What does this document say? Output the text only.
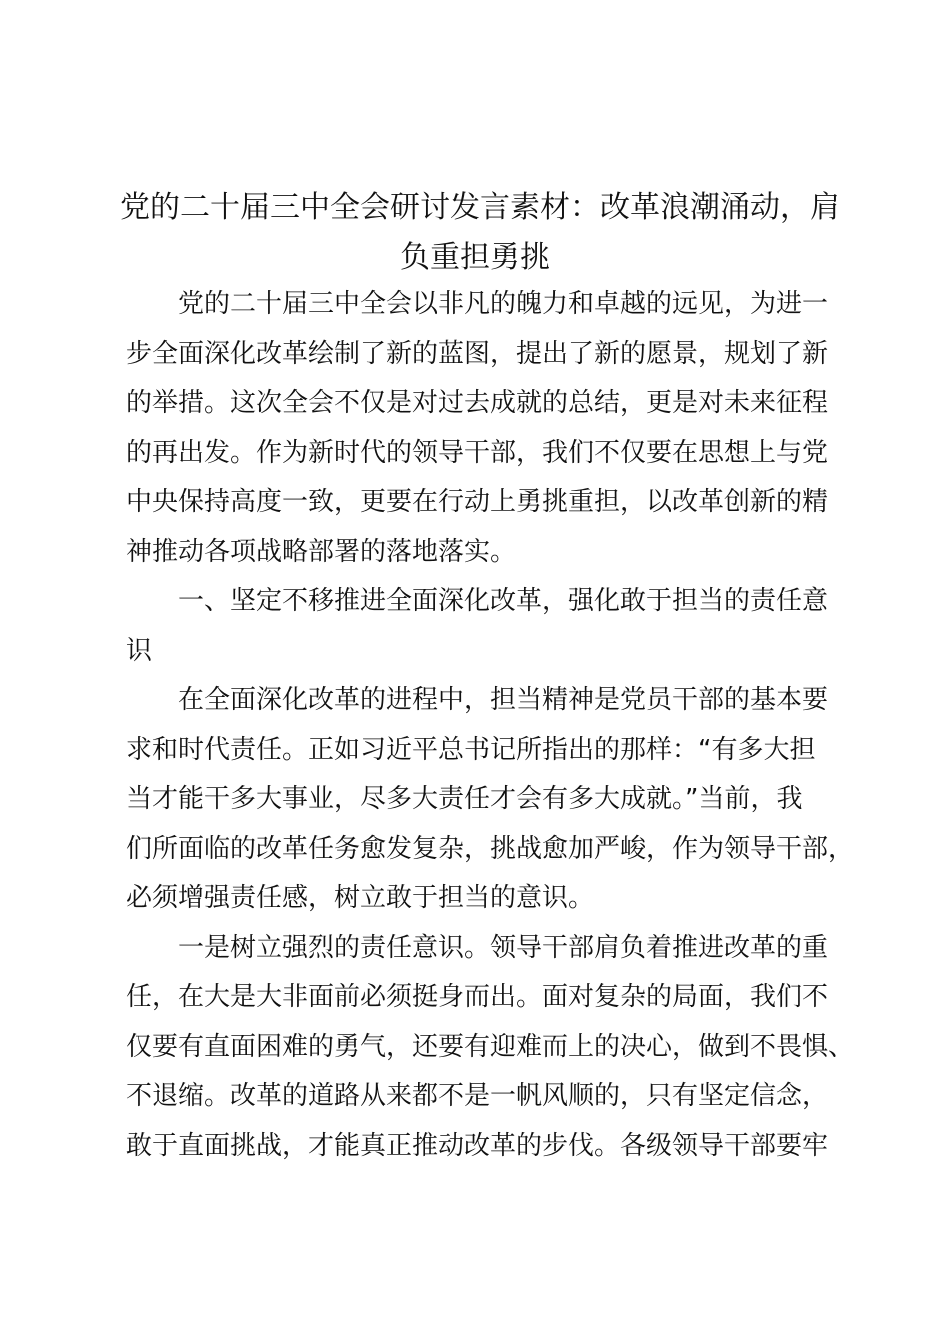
党的二十届三中全会研讨发言素材：改革浪潮涌动，肩
负重担勇挑
党的二十届三中全会以非凡的魄力和卓越的远见，为进一
步全面深化改革绘制了新的蓝图，提出了新的愿景，规划了新
的举措。这次全会不仅是对过去成就的总结，更是对未来征程
的再出发。作为新时代的领导干部，我们不仅要在思想上与党
中央保持高度一致，更要在行动上勇挑重担，以改革创新的精
神推动各项战略部署的落地落实。
一、坚定不移推进全面深化改革，强化敢于担当的责任意
识
在全面深化改革的进程中，担当精神是党员干部的基本要
求和时代责任。正如习近平总书记所指出的那样：“有多大担
当才能干多大事业，尽多大责任才会有多大成就。”当前，我
们所面临的改革任务愈发复杂，挑战愈加严峻，作为领导干部，
必须增强责任感，树立敢于担当的意识。
一是树立强烈的责任意识。领导干部肩负着推进改革的重
任，在大是大非面前必须挺身而出。面对复杂的局面，我们不
仅要有直面困难的勇气，还要有迎难而上的决心，做到不畏惧、
不退缩。改革的道路从来都不是一帆风顺的，只有坚定信念，
敢于直面挑战，才能真正推动改革的步伐。各级领导干部要牢
